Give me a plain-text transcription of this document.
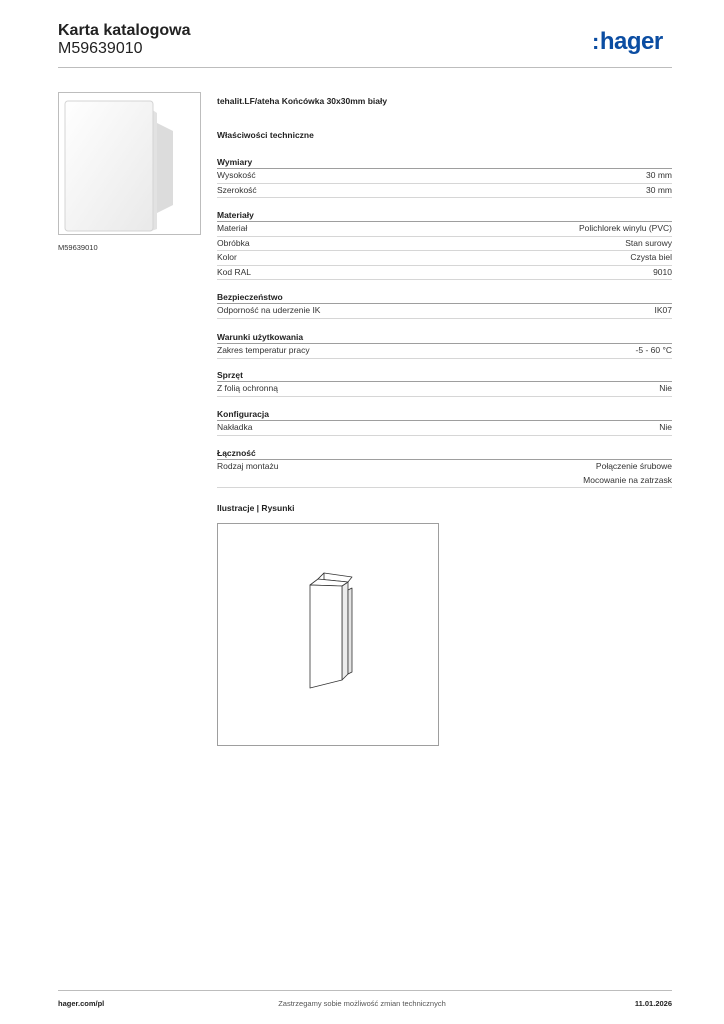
Karta katalogowa
M59639010	:hager
M59639010
tehalit.LF/ateha Końcówka 30x30mm biały
Właściwości techniczne
Wymiary
Wysokość	30 mm
Szerokość	30 mm
Materiały
Materiał	Polichlorek winylu (PVC)
Obróbka	Stan surowy
Kolor	Czysta biel
Kod RAL	9010
Bezpieczeństwo
Odporność na uderzenie IK	IK07
Warunki użytkowania
Zakres temperatur pracy	-5 - 60 °C
Sprzęt
Z folią ochronną	Nie
Konfiguracja
Nakładka	Nie
Łączność
Rodzaj montażu	Połączenie śrubowe
Mocowanie na zatrzask
Ilustracje | Rysunki
hager.com/pl	Zastrzegamy sobie możliwość zmian technicznych	11.01.2026
